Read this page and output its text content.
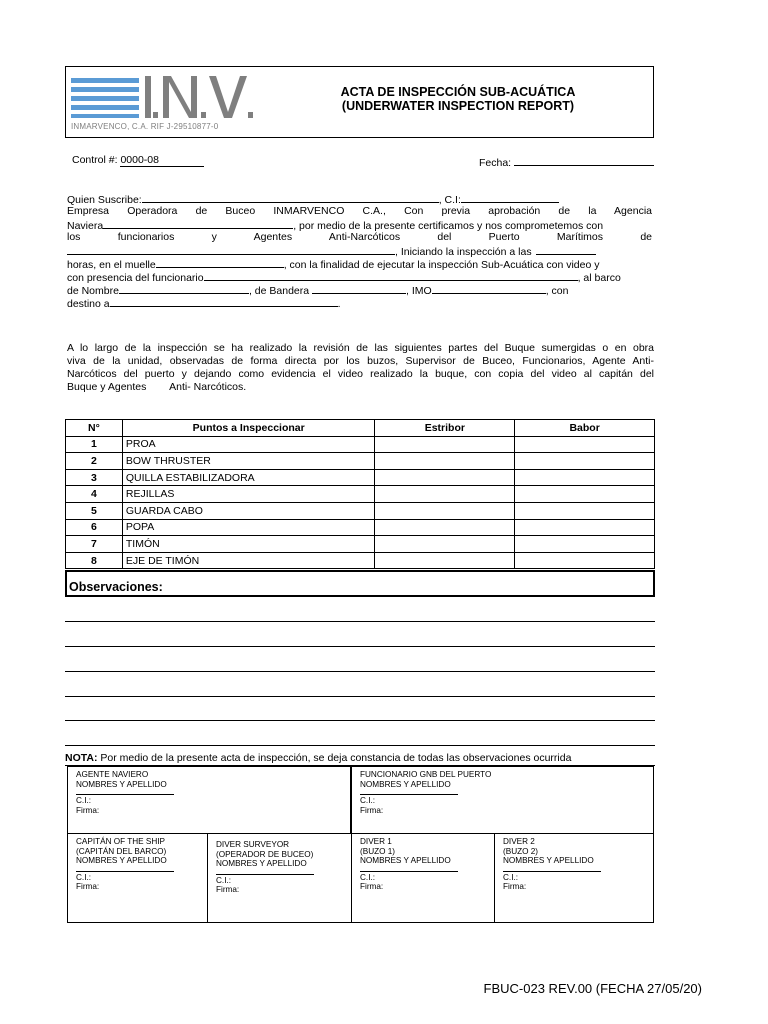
INMARVENCO, C.A. RIF J-29510877-0
ACTA DE INSPECCIÓN SUB-ACUÁTICA
(UNDERWATER INSPECTION REPORT)
Control #: 0000-08	Fecha:
Quien Suscribe:	, C.I:
Empresa Operadora de Buceo INMARVENCO C.A., Con previa aprobación de la Agencia
Naviera	, por medio de la presente certificamos y nos comprometemos con
los funcionarios y Agentes Anti-Narcóticos del Puerto Marítimos de
, Iniciando la inspección a las
horas, en el muelle	, con la finalidad de ejecutar la inspección Sub-Acuática con video y
con presencia del funcionario	, al barco
de Nombre	, de Bandera	, IMO	, con
destino a	.
A lo largo de la inspección se ha realizado la revisión de las siguientes partes del Buque sumergidas o en obra
viva de la unidad, observadas de forma directa por los buzos, Supervisor de Buceo, Funcionarios, Agente Anti-
Narcóticos del puerto y dejando como evidencia el video realizado la buque, con copia del video al capitán del
Buque y Agentes        Anti- Narcóticos.
N°	Puntos a Inspeccionar	Estribor	Babor
1	PROA		
2	BOW THRUSTER		
3	QUILLA ESTABILIZADORA		
4	REJILLAS		
5	GUARDA CABO		
6	POPA		
7	TIMÓN		
8	EJE DE TIMÓN		
Observaciones:
NOTA: Por medio de la presente acta de inspección, se deja constancia de todas las observaciones ocurrida
AGENTE NAVIERO
NOMBRES Y APELLIDO
C.I.:
Firma:
FUNCIONARIO GNB DEL PUERTO
NOMBRES Y APELLIDO
C.I.:
Firma:
CAPITÁN OF THE SHIP
(CAPITÁN DEL BARCO)
NOMBRES Y APELLIDO
C.I.:
Firma:
DIVER SURVEYOR
(OPERADOR DE BUCEO)
NOMBRES Y APELLIDO
C.I.:
Firma:
DIVER 1
(BUZO 1)
NOMBRES Y APELLIDO
C.I.:
Firma:
DIVER 2
(BUZO 2)
NOMBRES Y APELLIDO
C.I.:
Firma:
FBUC-023 REV.00 (FECHA 27/05/20)
